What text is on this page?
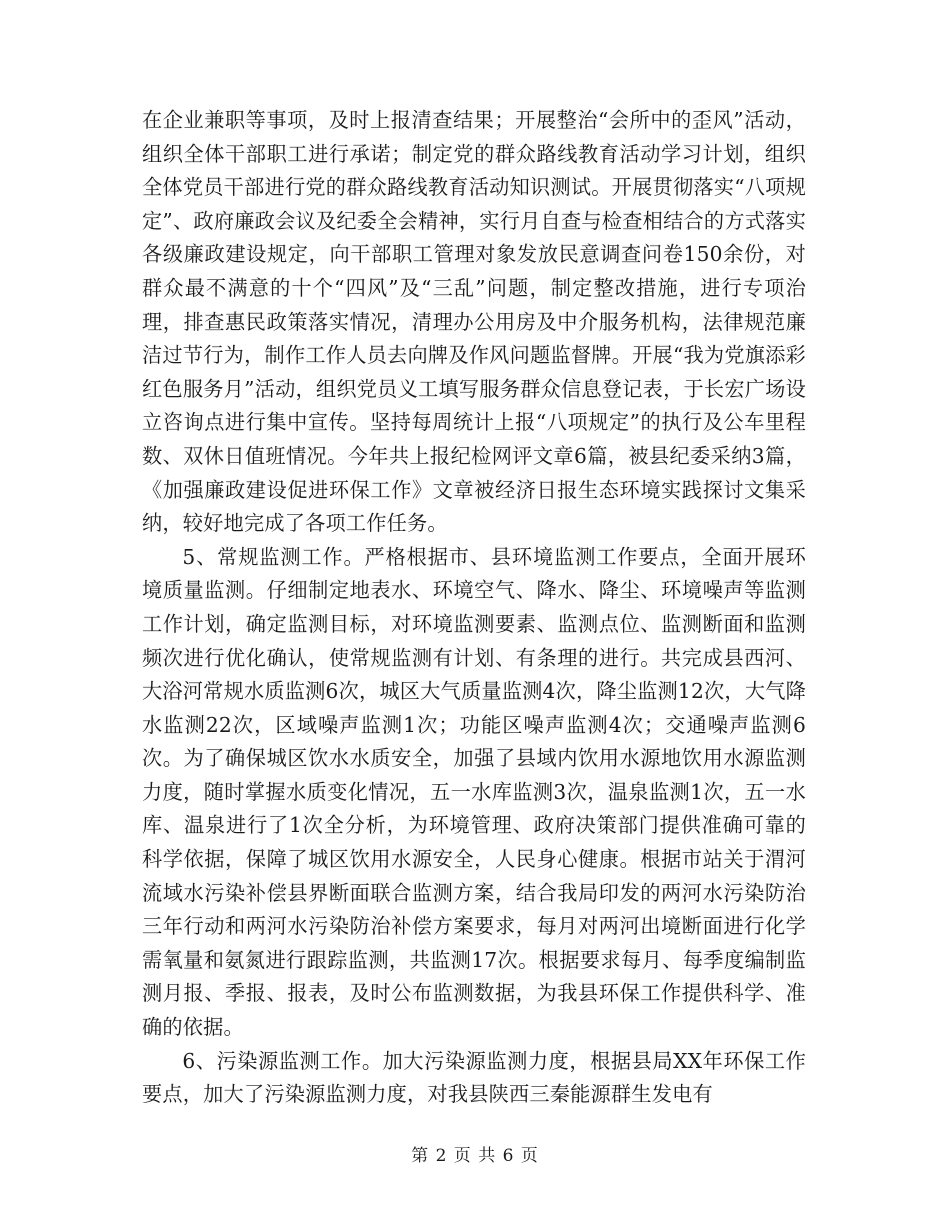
在企业兼职等事项，及时上报清查结果；开展整治“会所中的歪风”活动，组织全体干部职工进行承诺；制定党的群众路线教育活动学习计划，组织全体党员干部进行党的群众路线教育活动知识测试。开展贯彻落实“八项规定”、政府廉政会议及纪委全会精神，实行月自查与检查相结合的方式落实各级廉政建设规定，向干部职工管理对象发放民意调查问卷150余份，对群众最不满意的十个“四风”及“三乱”问题，制定整改措施，进行专项治理，排查惠民政策落实情况，清理办公用房及中介服务机构，法律规范廉洁过节行为，制作工作人员去向牌及作风问题监督牌。开展“我为党旗添彩红色服务月”活动，组织党员义工填写服务群众信息登记表，于长宏广场设立咨询点进行集中宣传。坚持每周统计上报“八项规定”的执行及公车里程数、双休日值班情况。今年共上报纪检网评文章6篇，被县纪委采纳3篇，《加强廉政建设促进环保工作》文章被经济日报生态环境实践探讨文集采纳，较好地完成了各项工作任务。

5、常规监测工作。严格根据市、县环境监测工作要点，全面开展环境质量监测。仔细制定地表水、环境空气、降水、降尘、环境噪声等监测工作计划，确定监测目标，对环境监测要素、监测点位、监测断面和监测频次进行优化确认，使常规监测有计划、有条理的进行。共完成县西河、大浴河常规水质监测6次，城区大气质量监测4次，降尘监测12次，大气降水监测22次，区域噪声监测1次；功能区噪声监测4次；交通噪声监测6次。为了确保城区饮水水质安全，加强了县域内饮用水源地饮用水源监测力度，随时掌握水质变化情况，五一水库监测3次，温泉监测1次，五一水库、温泉进行了1次全分析，为环境管理、政府决策部门提供准确可靠的科学依据，保障了城区饮用水源安全，人民身心健康。根据市站关于渭河流域水污染补偿县界断面联合监测方案，结合我局印发的两河水污染防治三年行动和两河水污染防治补偿方案要求，每月对两河出境断面进行化学需氧量和氨氮进行跟踪监测，共监测17次。根据要求每月、每季度编制监测月报、季报、报表，及时公布监测数据，为我县环保工作提供科学、准确的依据。

6、污染源监测工作。加大污染源监测力度，根据县局XX年环保工作要点，加大了污染源监测力度，对我县陕西三秦能源群生发电有

第 2 页 共 6 页
